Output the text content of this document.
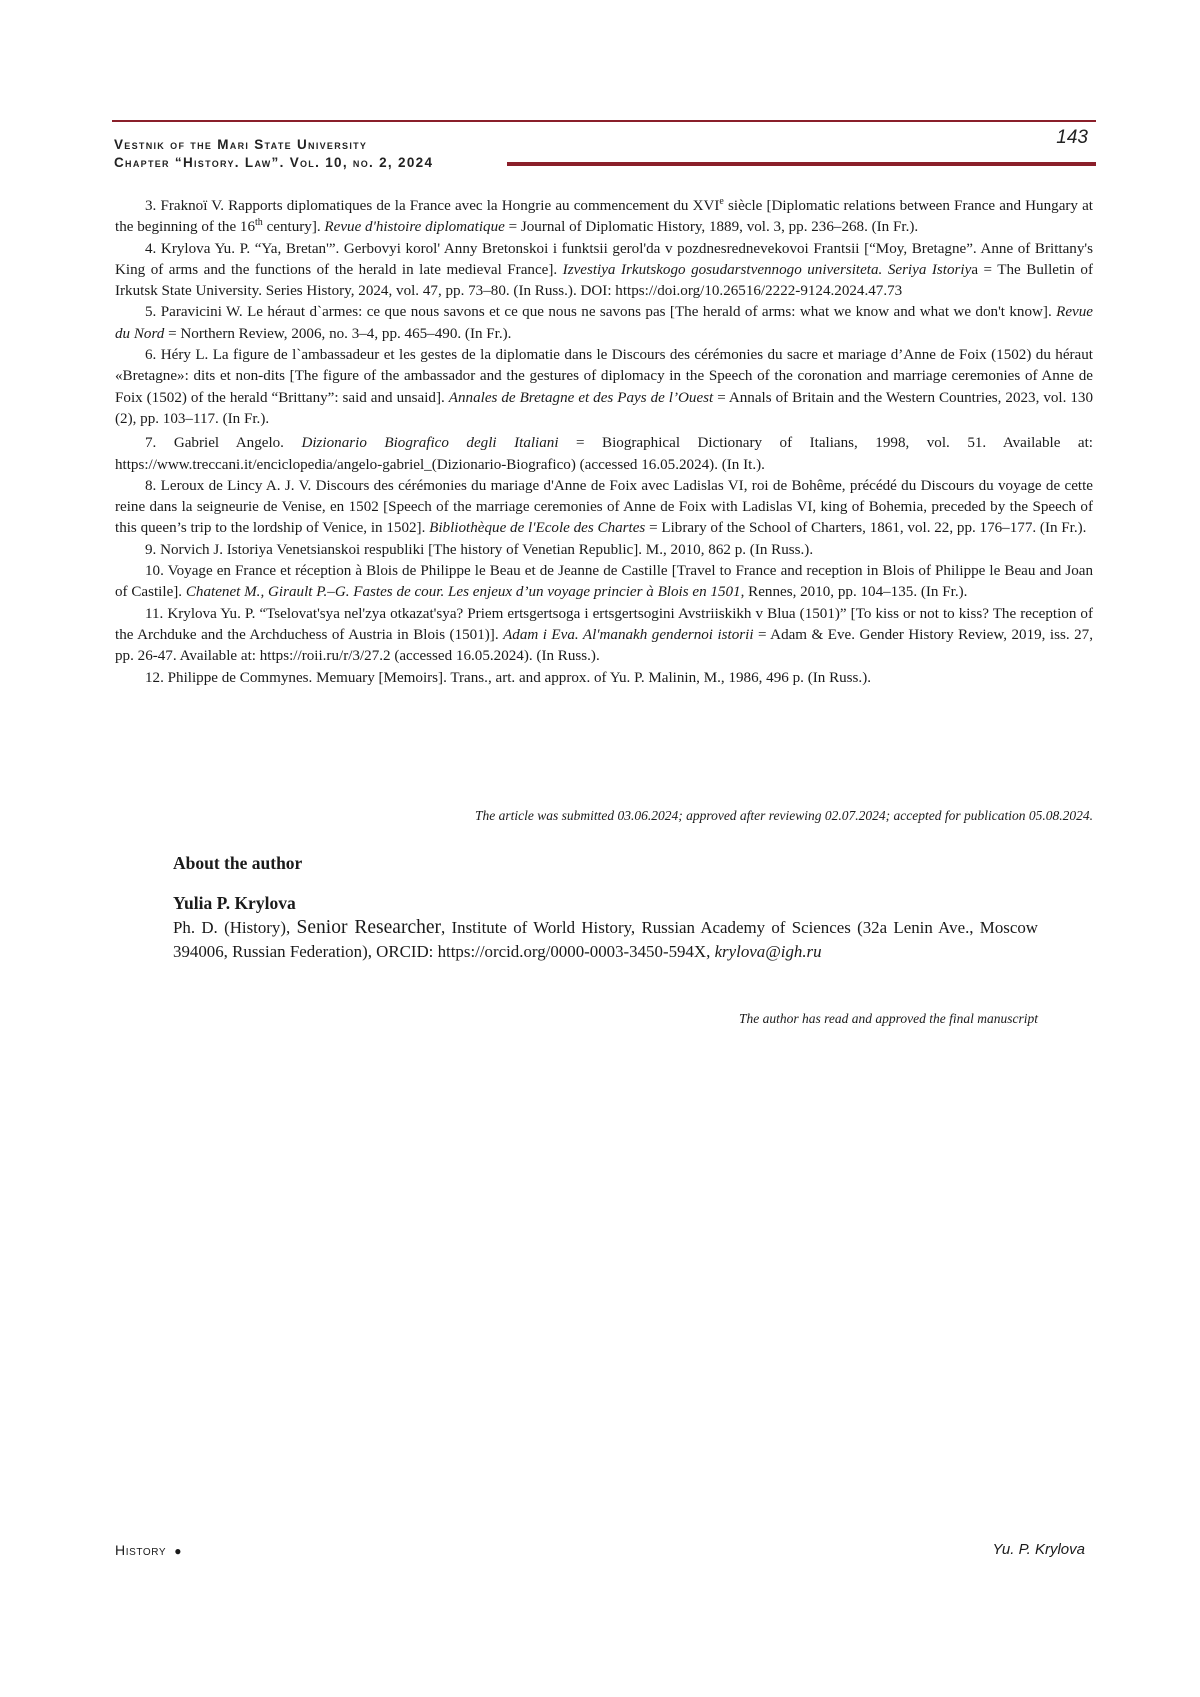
Vestnik of the Mari State University
Chapter “History. Law”. Vol. 10, no. 2, 2024
143

3. Fraknoï V. Rapports diplomatiques de la France avec la Hongrie au commencement du XVIe siècle [Diplomatic relations between France and Hungary at the beginning of the 16th century]. Revue d'histoire diplomatique = Journal of Diplomatic History, 1889, vol. 3, pp. 236–268. (In Fr.).

4. Krylova Yu. P. “Ya, Bretan'”. Gerbovyi korol' Anny Bretonskoi i funktsii gerol'da v pozdnesrednevekovoi Frantsii [“Moy, Bretagne”. Anne of Brittany's King of arms and the functions of the herald in late medieval France]. Izvestiya Irkutskogo gosudarstvennogo universiteta. Seriya Istoriya = The Bulletin of Irkutsk State University. Series History, 2024, vol. 47, pp. 73–80. (In Russ.). DOI: https://doi.org/10.26516/2222-9124.2024.47.73

5. Paravicini W. Le héraut d`armes: ce que nous savons et ce que nous ne savons pas [The herald of arms: what we know and what we don't know]. Revue du Nord = Northern Review, 2006, no. 3–4, pp. 465–490. (In Fr.).

6. Héry L. La figure de l`ambassadeur et les gestes de la diplomatie dans le Discours des cérémonies du sacre et mariage d’Anne de Foix (1502) du héraut «Bretagne»: dits et non-dits [The figure of the ambassador and the gestures of diplomacy in the Speech of the coronation and marriage ceremonies of Anne de Foix (1502) of the herald “Brittany”: said and unsaid]. Annales de Bretagne et des Pays de l’Ouest = Annals of Britain and the Western Countries, 2023, vol. 130 (2), pp. 103–117. (In Fr.).

7. Gabriel Angelo. Dizionario Biografico degli Italiani = Biographical Dictionary of Italians, 1998, vol. 51. Available at: https://www.treccani.it/enciclopedia/angelo-gabriel_(Dizionario-Biografico) (accessed 16.05.2024). (In It.).

8. Leroux de Lincy A. J. V. Discours des cérémonies du mariage d'Anne de Foix avec Ladislas VI, roi de Bohême, précédé du Discours du voyage de cette reine dans la seigneurie de Venise, en 1502 [Speech of the marriage ceremonies of Anne de Foix with Ladislas VI, king of Bohemia, preceded by the Speech of this queen’s trip to the lordship of Venice, in 1502]. Bibliothèque de l'Ecole des Chartes = Library of the School of Charters, 1861, vol. 22, pp. 176–177. (In Fr.).

9. Norvich J. Istoriya Venetsianskoi respubliki [The history of Venetian Republic]. M., 2010, 862 p. (In Russ.).

10. Voyage en France et réception à Blois de Philippe le Beau et de Jeanne de Castille [Travel to France and reception in Blois of Philippe le Beau and Joan of Castile]. Chatenet M., Girault P.–G. Fastes de cour. Les enjeux d’un voyage princier à Blois en 1501, Rennes, 2010, pp. 104–135. (In Fr.).

11. Krylova Yu. P. “Tselovat'sya nel'zya otkazat'sya? Priem ertsgertsoga i ertsgertsogini Avstriiskikh v Blua (1501)” [To kiss or not to kiss? The reception of the Archduke and the Archduchess of Austria in Blois (1501)]. Adam i Eva. Al'manakh gendernoi istorii = Adam & Eve. Gender History Review, 2019, iss. 27, pp. 26-47. Available at: https://roii.ru/r/3/27.2 (accessed 16.05.2024). (In Russ.).

12. Philippe de Commynes. Memuary [Memoirs]. Trans., art. and approx. of Yu. P. Malinin, M., 1986, 496 p. (In Russ.).

The article was submitted 03.06.2024; approved after reviewing 02.07.2024; accepted for publication 05.08.2024.
About the author
Yulia P. Krylova
Ph. D. (History), Senior Researcher, Institute of World History, Russian Academy of Sciences (32a Lenin Ave., Moscow 394006, Russian Federation), ORCID: https://orcid.org/0000-0003-3450-594X, krylova@igh.ru
The author has read and approved the final manuscript
History ●	Yu. P. Krylova
